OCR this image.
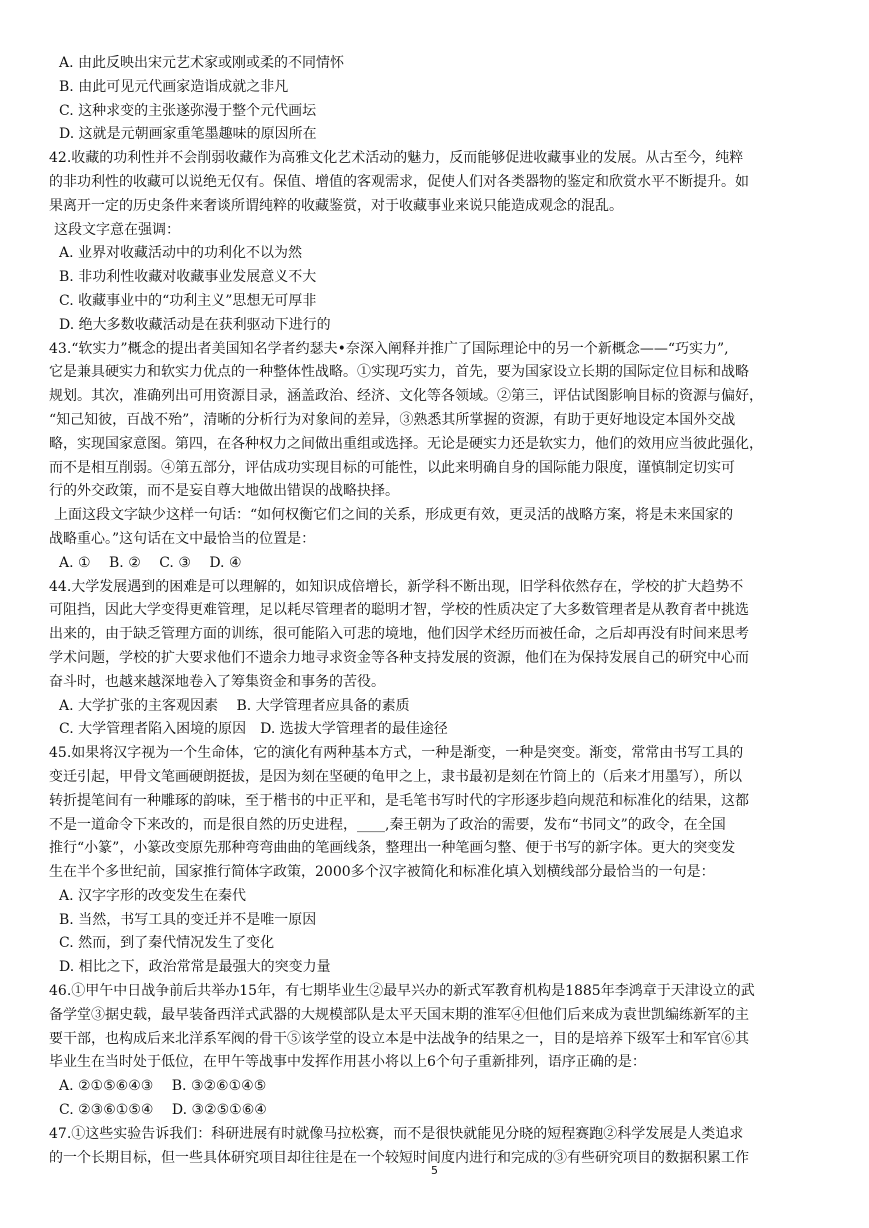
A. 由此反映出宋元艺术家或刚或柔的不同情怀
B. 由此可见元代画家造诣成就之非凡
C. 这种求变的主张遂弥漫于整个元代画坛
D. 这就是元朝画家重笔墨趣味的原因所在
42.收藏的功利性并不会削弱收藏作为高雅文化艺术活动的魅力，反而能够促进收藏事业的发展。从古至今，纯粹
的非功利性的收藏可以说绝无仅有。保值、增值的客观需求，促使人们对各类器物的鉴定和欣赏水平不断提升。如
果离开一定的历史条件来奢谈所谓纯粹的收藏鉴赏，对于收藏事业来说只能造成观念的混乱。
这段文字意在强调：
A. 业界对收藏活动中的功利化不以为然
B. 非功利性收藏对收藏事业发展意义不大
C. 收藏事业中的“功利主义”思想无可厚非
D. 绝大多数收藏活动是在获利驱动下进行的
43.“软实力”概念的提出者美国知名学者约瑟夫•奈深入阐释并推广了国际理论中的另一个新概念——“巧实力”,
它是兼具硬实力和软实力优点的一种整体性战略。①实现巧实力，首先，要为国家设立长期的国际定位目标和战略
规划。其次，准确列出可用资源目录，涵盖政治、经济、文化等各领域。②第三，评估试图影响目标的资源与偏好，
“知己知彼，百战不殆”，清晰的分析行为对象间的差异，③熟悉其所掌握的资源，有助于更好地设定本国外交战
略，实现国家意图。第四，在各种权力之间做出重组或选择。无论是硬实力还是软实力，他们的效用应当彼此强化，
而不是相互削弱。④第五部分，评估成功实现目标的可能性，以此来明确自身的国际能力限度，谨慎制定切实可
行的外交政策，而不是妄自尊大地做出错误的战略抉择。
上面这段文字缺少这样一句话：“如何权衡它们之间的关系，形成更有效，更灵活的战略方案，将是未来国家的
战略重心。”这句话在文中最恰当的位置是：
A. ①　 B. ②　 C. ③　 D. ④
44.大学发展遇到的困难是可以理解的，如知识成倍增长，新学科不断出现，旧学科依然存在，学校的扩大趋势不
可阻挡，因此大学变得更难管理，足以耗尽管理者的聪明才智，学校的性质决定了大多数管理者是从教育者中挑选
出来的，由于缺乏管理方面的训练，很可能陷入可悲的境地，他们因学术经历而被任命，之后却再没有时间来思考
学术问题，学校的扩大要求他们不遗余力地寻求资金等各种支持发展的资源，他们在为保持发展自己的研究中心而
奋斗时，也越来越深地卷入了筹集资金和事务的苦役。
A. 大学扩张的主客观因素　 B. 大学管理者应具备的素质
C. 大学管理者陷入困境的原因　D. 选拔大学管理者的最佳途径
45.如果将汉字视为一个生命体，它的演化有两种基本方式，一种是渐变，一种是突变。渐变，常常由书写工具的
变迁引起，甲骨文笔画硬朗挺拔，是因为刻在坚硬的龟甲之上，隶书最初是刻在竹筒上的（后来才用墨写），所以
转折提笔间有一种雕琢的韵味，至于楷书的中正平和，是毛笔书写时代的字形逐步趋向规范和标准化的结果，这都
不是一道命令下来改的，而是很自然的历史进程，____,秦王朝为了政治的需要，发布“书同文”的政令，在全国
推行“小篆”，小篆改变原先那种弯弯曲曲的笔画线条，整理出一种笔画匀整、便于书写的新字体。更大的突变发
生在半个多世纪前，国家推行简体字政策，2000多个汉字被简化和标准化填入划横线部分最恰当的一句是：
A. 汉字字形的改变发生在秦代
B. 当然，书写工具的变迁并不是唯一原因
C. 然而，到了秦代情况发生了变化
D. 相比之下，政治常常是最强大的突变力量
46.①甲午中日战争前后共举办15年，有七期毕业生②最早兴办的新式军教育机构是1885年李鸿章于天津设立的武
备学堂③据史载，最早装备西洋式武器的大规模部队是太平天国末期的淮军④但他们后来成为袁世凯编练新军的主
要干部，也构成后来北洋系军阀的骨干⑤该学堂的设立本是中法战争的结果之一，目的是培养下级军士和军官⑥其
毕业生在当时处于低位，在甲午等战事中发挥作用甚小将以上6个句子重新排列，语序正确的是：
A. ②①⑤⑥④③　 B. ③②⑥①④⑤
C. ②③⑥①⑤④　 D. ③②⑤①⑥④
47.①这些实验告诉我们：科研进展有时就像马拉松赛，而不是很快就能见分晓的短程赛跑②科学发展是人类追求
的一个长期目标，但一些具体研究项目却往往是在一个较短时间度内进行和完成的③有些研究项目的数据积累工作
5
